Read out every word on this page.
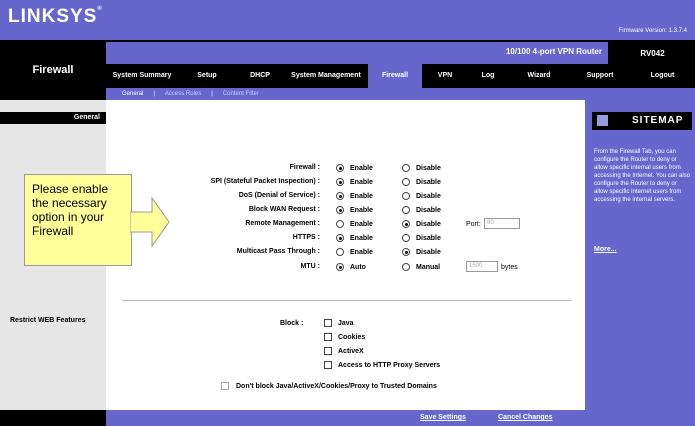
LINKSYS®
Firmware Version: 1.3.7.4
Firewall
10/100 4-port VPN Router	RV042
System Summary	Setup	DHCP	System Management	Firewall	VPN	Log	Wizard	Support	Logout
General | Access Rules | Content Filter
General
Restrict WEB Features
Firewall :	Enable	Disable
SPI (Stateful Packet Inspection) :	Enable	Disable
DoS (Denial of Service) :	Enable	Disable
Block WAN Request :	Enable	Disable
Remote Management :	Enable	Disable	Port:	80
HTTPS :	Enable	Disable
Multicast Pass Through :	Enable	Disable
MTU :	Auto	Manual	1500	bytes
Block :	Java
Cookies
ActiveX
Access to HTTP Proxy Servers
Don't block Java/ActiveX/Cookies/Proxy to Trusted Domains
Save Settings	Cancel Changes
SITEMAP
From the Firewall Tab, you can configure the Router to deny or allow specific internal users from accessing the Internet. You can also configure the Router to deny or allow specific Internet users from accessing the internal servers.
More...
Please enable the necessary option in your Firewall
